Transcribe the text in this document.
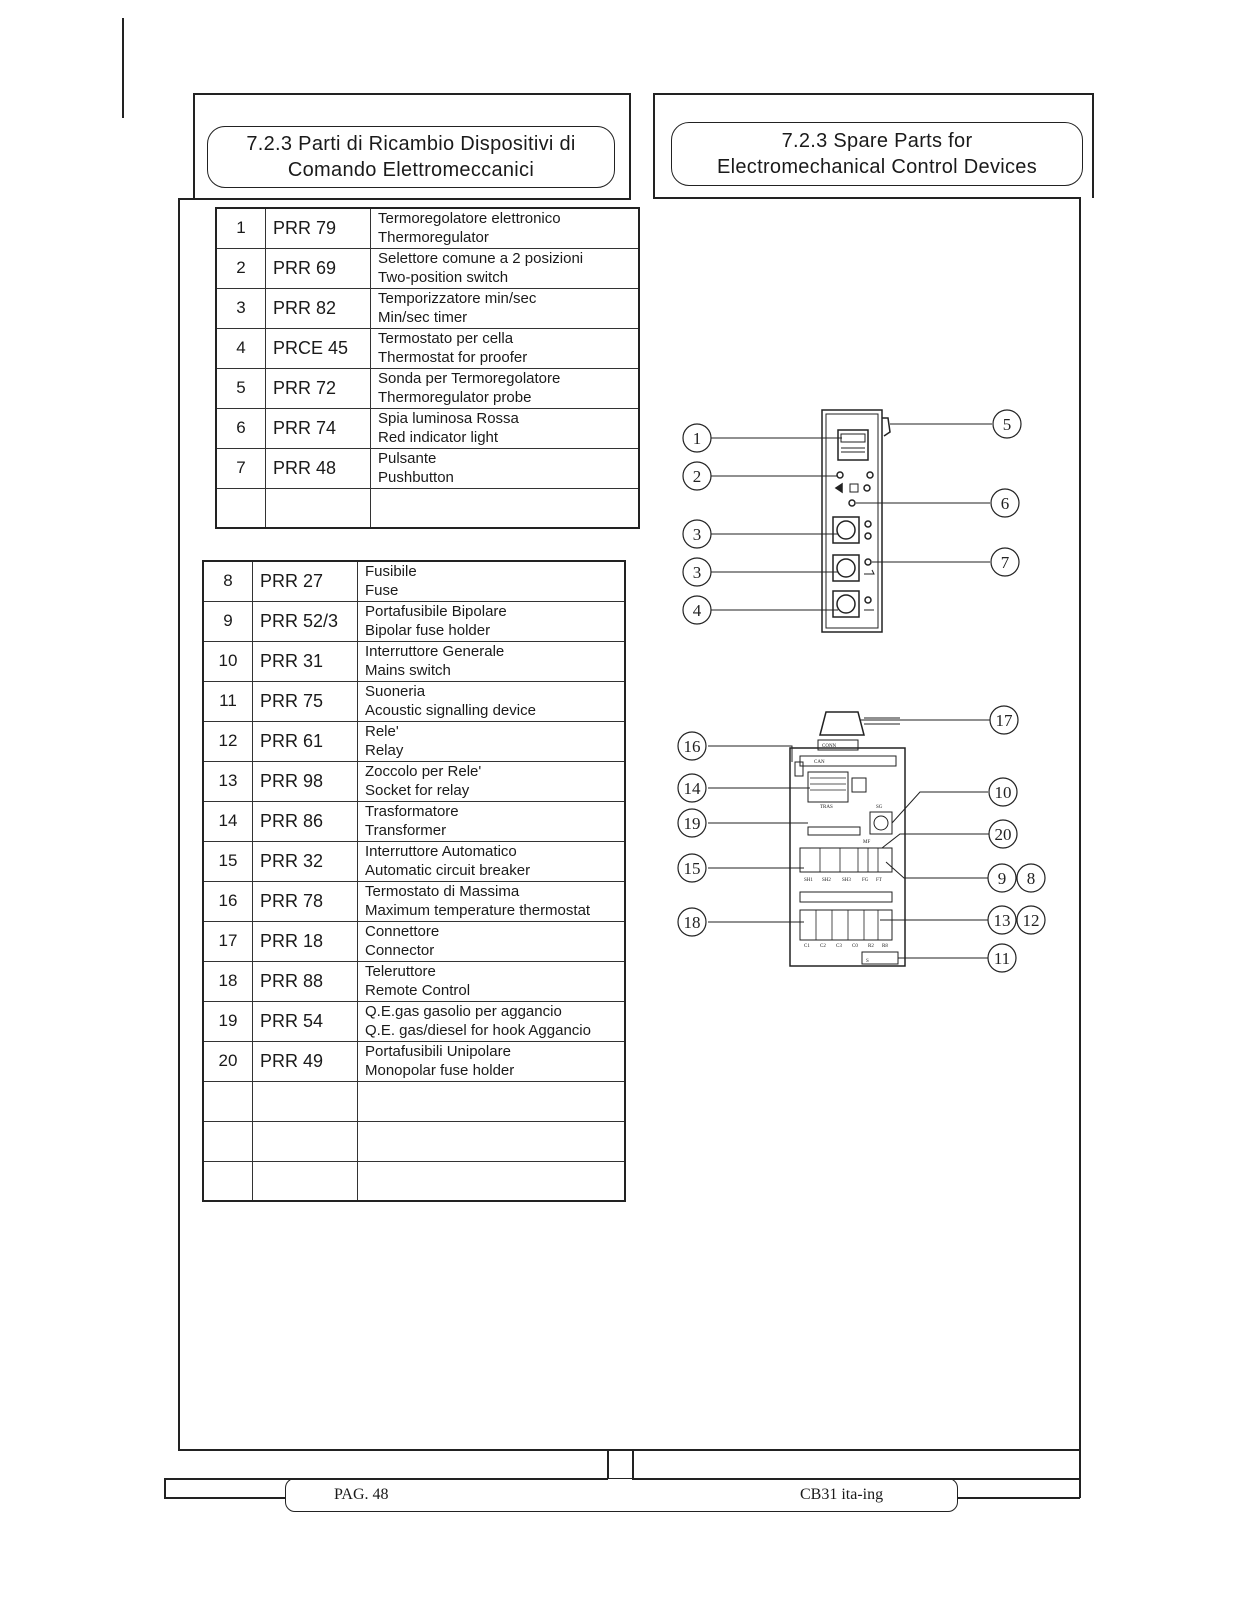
7.2.3 Parti di Ricambio Dispositivi di
Comando Elettromeccanici
7.2.3 Spare Parts for
Electromechanical Control Devices
1	PRR 79	Termoregolatore elettronico
Thermoregulator

2	PRR 69	Selettore comune a 2 posizioni
Two-position switch

3	PRR 82	Temporizzatore min/sec
Min/sec timer

4	PRCE 45	Termostato per cella
Thermostat for proofer

5	PRR 72	Sonda per Termoregolatore
Thermoregulator probe

6	PRR 74	Spia luminosa Rossa
Red indicator light

7	PRR 48	Pulsante
Pushbutton

8	PRR 27	Fusibile
Fuse

9	PRR 52/3	Portafusibile Bipolare
Bipolar fuse holder

10	PRR 31	Interruttore Generale
Mains switch

11	PRR 75	Suoneria
Acoustic signalling device

12	PRR 61	Rele'
Relay

13	PRR 98	Zoccolo per Rele'
Socket for relay

14	PRR 86	Trasformatore
Transformer

15	PRR 32	Interruttore Automatico
Automatic circuit breaker

16	PRR 78	Termostato di Massima
Maximum temperature thermostat

17	PRR 18	Connettore
Connector

18	PRR 88	Teleruttore
Remote Control

19	PRR 54	Q.E.gas gasolio per aggancio
Q.E. gas/diesel for hook Aggancio

20	PRR 49	Portafusibili Unipolare
Monopolar fuse holder

CONN
CAN
TRAS	SG
MF
SH1 SH2 SH3 FG FT
C1 C2 C3 C0 R2 R8
S
1
2
3
3
4
5
6
7
17
16
14
19
15
18
10
20
9 8
13 12
11
PAG. 48	CB31 ita-ing
